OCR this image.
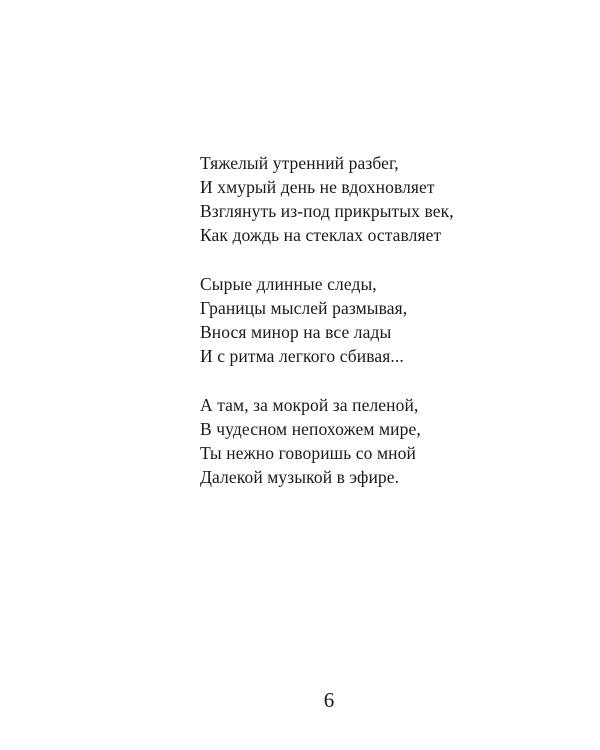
Тяжелый утренний разбег,
И хмурый день не вдохновляет
Взглянуть из-под прикрытых век,
Как дождь на стеклах оставляет
Сырые длинные следы,
Границы мыслей размывая,
Внося минор на все лады
И с ритма легкого сбивая...
А там, за мокрой за пеленой,
В чудесном непохожем мире,
Ты нежно говоришь со мной
Далекой музыкой в эфире.
6
